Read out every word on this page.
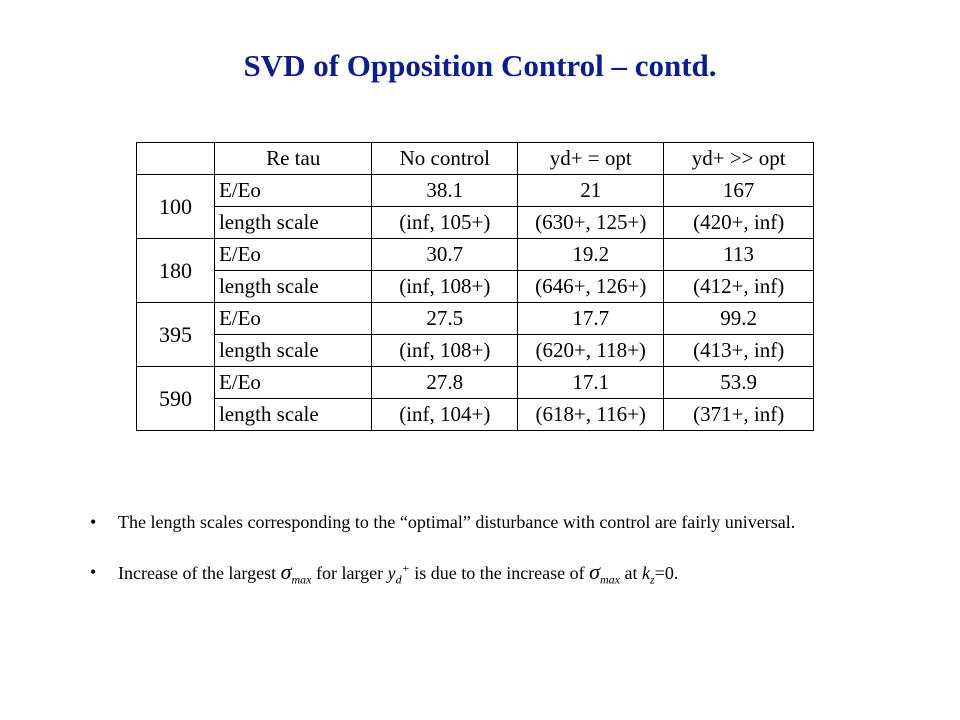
SVD of Opposition Control – contd.
	Re tau	No control	yd+ = opt	yd+ >> opt
100	E/Eo	38.1	21	167
	length scale	(inf, 105+)	(630+, 125+)	(420+, inf)
180	E/Eo	30.7	19.2	113
	length scale	(inf, 108+)	(646+, 126+)	(412+, inf)
395	E/Eo	27.5	17.7	99.2
	length scale	(inf, 108+)	(620+, 118+)	(413+, inf)
590	E/Eo	27.8	17.1	53.9
	length scale	(inf, 104+)	(618+, 116+)	(371+, inf)
• The length scales corresponding to the “optimal” disturbance with control are fairly universal.
• Increase of the largest $\sigma_{max}$ for larger $y_d^+$ is due to the increase of $\sigma_{max}$ at $k_z=0$.
